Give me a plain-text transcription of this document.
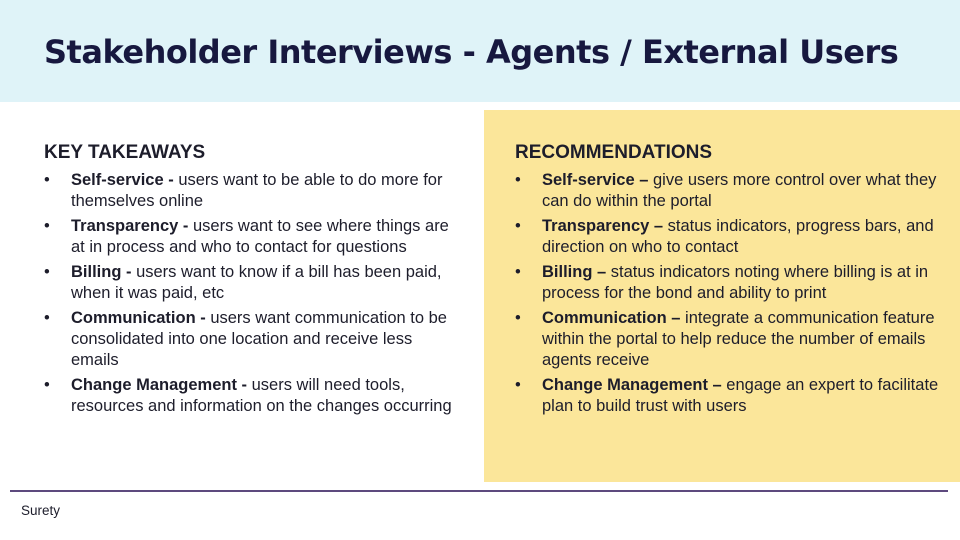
Stakeholder Interviews - Agents / External Users
KEY TAKEAWAYS
• Self-service - users want to be able to do more for themselves online
• Transparency - users want to see where things are at in process and who to contact for questions
• Billing - users want to know if a bill has been paid, when it was paid, etc
• Communication - users want communication to be consolidated into one location and receive less emails
• Change Management - users will need tools, resources and information on the changes occurring
RECOMMENDATIONS
• Self-service – give users more control over what they can do within the portal
• Transparency – status indicators, progress bars, and direction on who to contact
• Billing – status indicators noting where billing is at in process for the bond and ability to print
• Communication – integrate a communication feature within the portal to help reduce the number of emails agents receive
• Change Management – engage an expert to facilitate plan to build trust with users
Surety
